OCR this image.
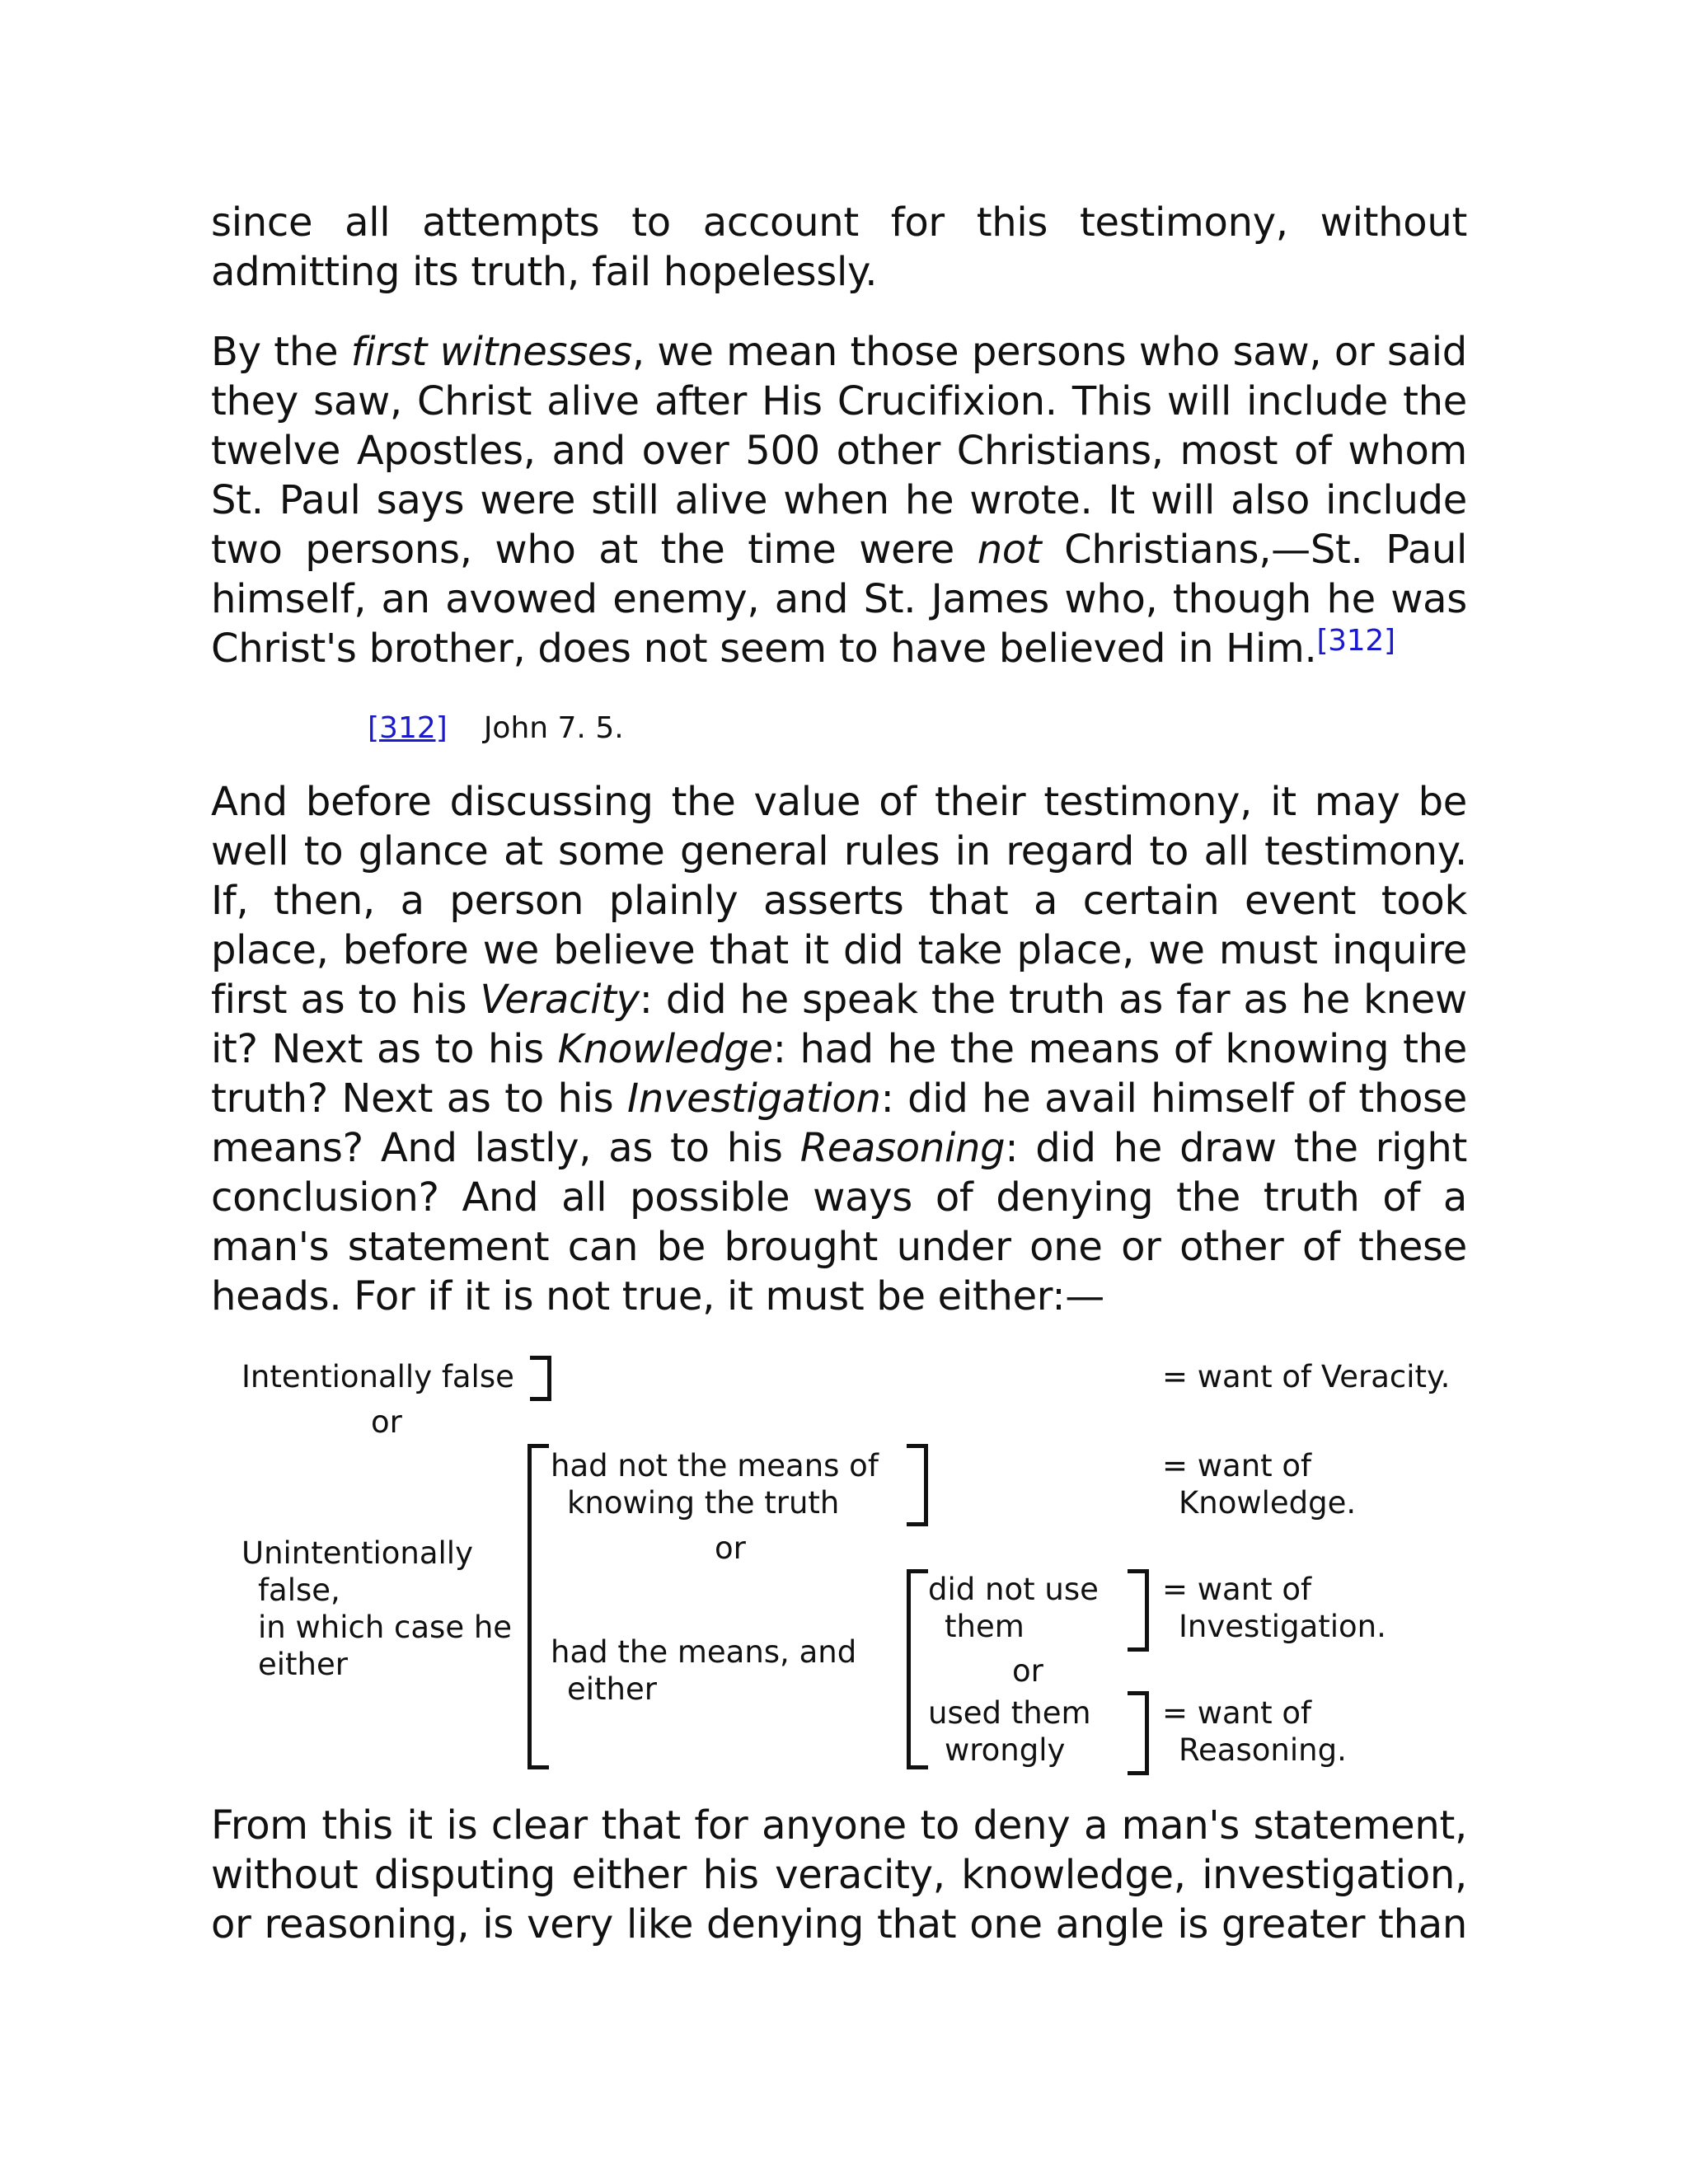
since all attempts to account for this testimony, without admitting its truth, fail hopelessly.

By the first witnesses, we mean those persons who saw, or said they saw, Christ alive after His Crucifixion. This will include the twelve Apostles, and over 500 other Christians, most of whom St. Paul says were still alive when he wrote. It will also include two persons, who at the time were not Christians,—St. Paul himself, an avowed enemy, and St. James who, though he was Christ's brother, does not seem to have believed in Him.[312]

[312] John 7. 5.

And before discussing the value of their testimony, it may be well to glance at some general rules in regard to all testimony. If, then, a person plainly asserts that a certain event took place, before we believe that it did take place, we must inquire first as to his Veracity: did he speak the truth as far as he knew it? Next as to his Knowledge: had he the means of knowing the truth? Next as to his Investigation: did he avail himself of those means? And lastly, as to his Reasoning: did he draw the right conclusion? And all possible ways of denying the truth of a man's statement can be brought under one or other of these heads. For if it is not true, it must be either:—

Intentionally false
or
Unintentionally
false,
in which case he
either
had not the means of
knowing the truth
or
had the means, and
either
did not use
them
or
used them
wrongly
= want of Veracity.
= want of
Knowledge.
= want of
Investigation.
= want of
Reasoning.

From this it is clear that for anyone to deny a man's statement, without disputing either his veracity, knowledge, investigation, or reasoning, is very like denying that one angle is greater than
